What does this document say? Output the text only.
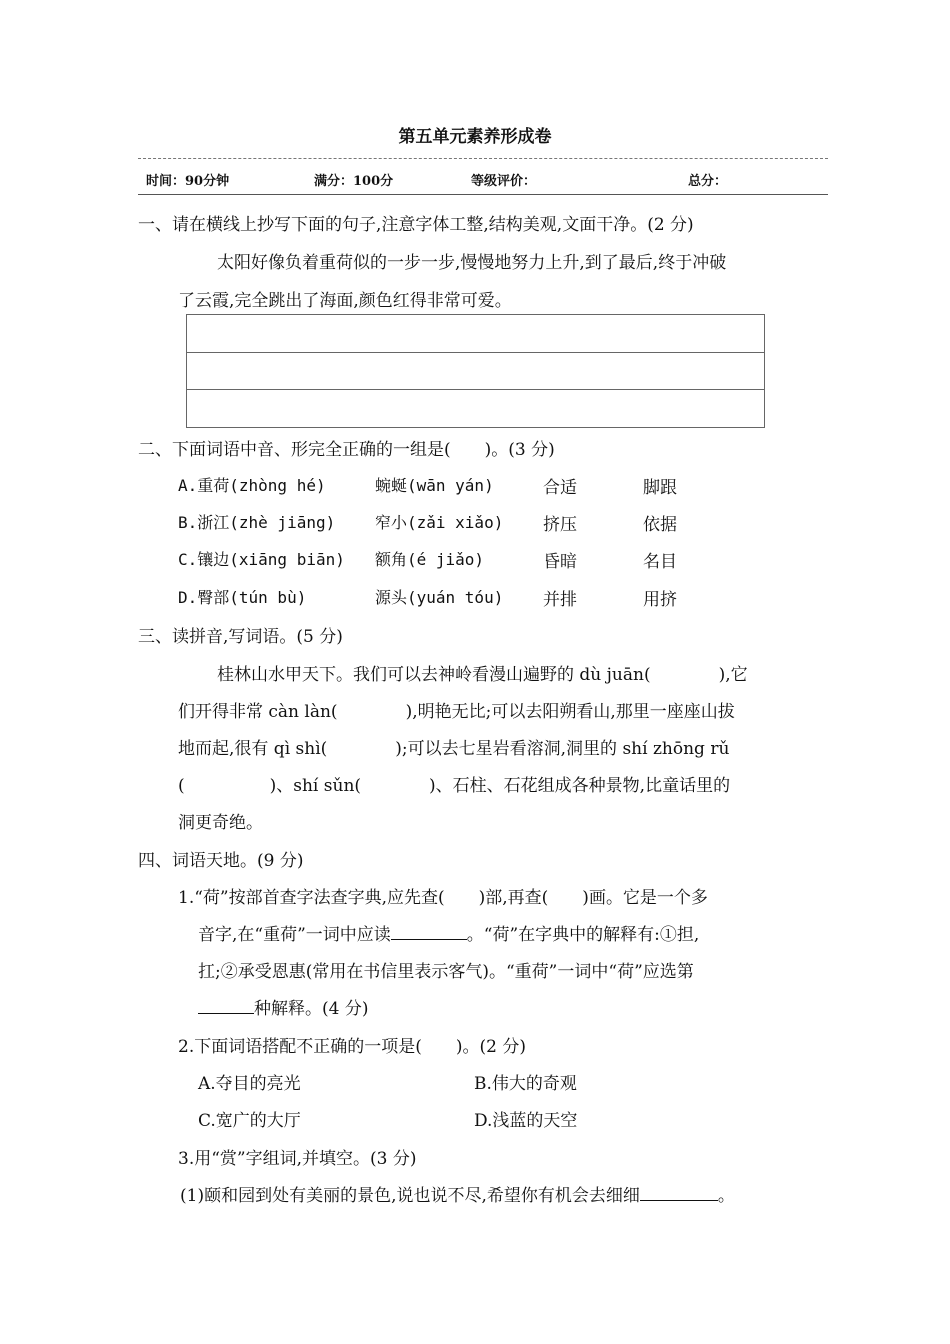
第五单元素养形成卷
时间：90分钟	满分：100分	等级评价：	总分：
一、请在横线上抄写下面的句子,注意字体工整,结构美观,文面干净。(2 分)
太阳好像负着重荷似的一步一步,慢慢地努力上升,到了最后,终于冲破
了云霞,完全跳出了海面,颜色红得非常可爱。
二、下面词语中音、形完全正确的一组是(　　)。(3 分)
A.重荷(zhòng hé)	蜿蜒(wān yán)	合适	脚跟
B.浙江(zhè jiāng) 窄小(zǎi xiǎo) 挤压	依据
C.镶边(xiāng biān) 额角(é jiǎo)	昏暗	名目
D.臀部(tún bù)	源头(yuán tóu) 并排	用挤
三、读拼音,写词语。(5 分)
桂林山水甲天下。我们可以去神岭看漫山遍野的 dù juān(　　　　),它
们开得非常 càn làn(　　　　),明艳无比;可以去阳朔看山,那里一座座山拔
地而起,很有 qì shì(　　　　);可以去七星岩看溶洞,洞里的 shí zhōng rǔ
(　　　　　)、shí sǔn(　　　　)、石柱、石花组成各种景物,比童话里的
洞更奇绝。
四、词语天地。(9 分)
1.“荷”按部首查字法查字典,应先查(　　)部,再查(　　)画。它是一个多
音字,在“重荷”一词中应读	。“荷”在字典中的解释有:①担,
扛;②承受恩惠(常用在书信里表示客气)。“重荷”一词中“荷”应选第
种解释。(4 分)
2.下面词语搭配不正确的一项是(　　)。(2 分)
A.夺目的亮光	B.伟大的奇观
C.宽广的大厅	D.浅蓝的天空
3.用“赏”字组词,并填空。(3 分)
(1)颐和园到处有美丽的景色,说也说不尽,希望你有机会去细细	。
